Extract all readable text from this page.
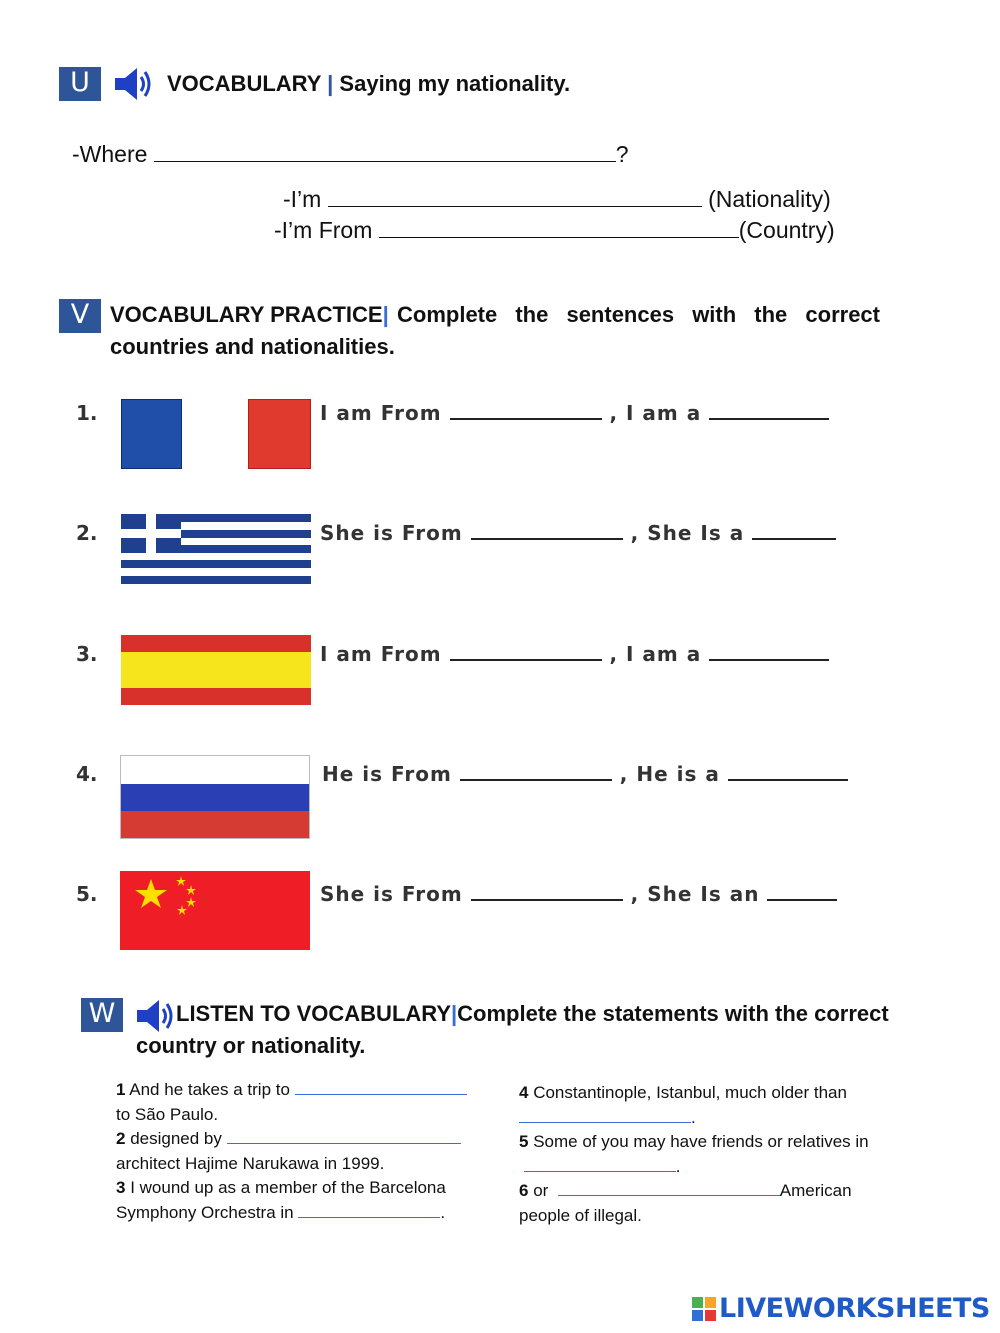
U	VOCABULARY | Saying my nationality.
-Where	?
-I’m	(Nationality)
-I’m From	(Country)
V VOCABULARY PRACTICE| Complete the sentences with the correct
countries and nationalities.
1.	I am From	, I am a
2.	She is From	, She Is a
3.	I am From	, I am a
4.	He is From	, He is a
5.	She is From	, She Is an
W	LISTEN TO VOCABULARY|Complete the statements with the correct
country or nationality.
1 And he takes a trip to
to São Paulo.
2 designed by
architect Hajime Narukawa in 1999.
3 I wound up as a member of the Barcelona
Symphony Orchestra in	.
4 Constantinople, Istanbul, much older than
.
5 Some of you may have friends or relatives in
.
6 or	American
people of illegal.
LIVEWORKSHEETS
